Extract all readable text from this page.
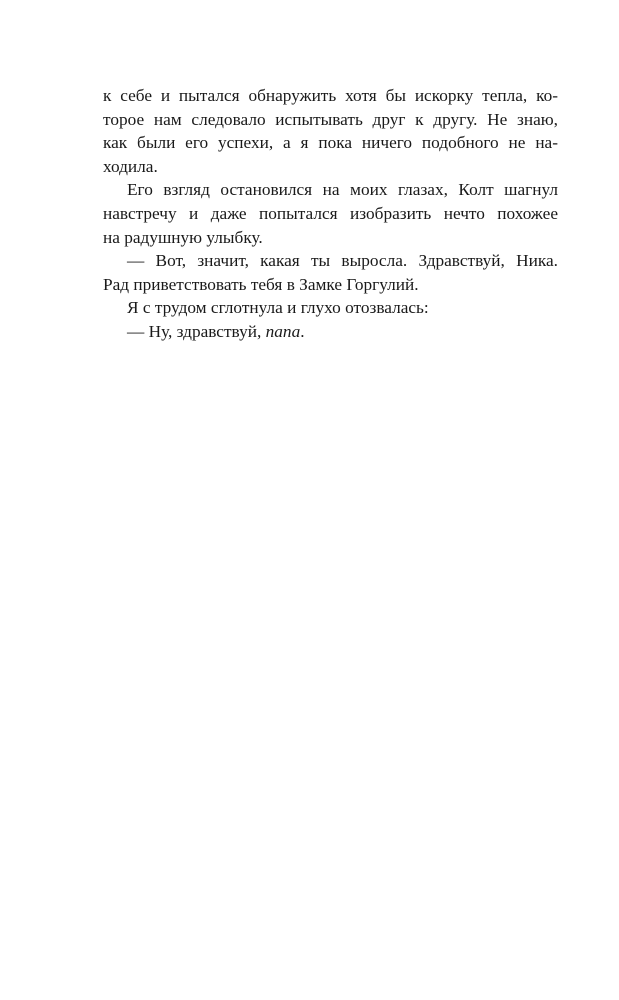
к себе и пытался обнаружить хотя бы искорку тепла, ко-
торое нам следовало испытывать друг к другу. Не знаю,
как были его успехи, а я пока ничего подобного не на-
ходила.
Его взгляд остановился на моих глазах, Колт шагнул
навстречу и даже попытался изобразить нечто похожее
на радушную улыбку.
— Вот, значит, какая ты выросла. Здравствуй, Ника.
Рад приветствовать тебя в Замке Горгулий.
Я с трудом сглотнула и глухо отозвалась:
— Ну, здравствуй, папа.
